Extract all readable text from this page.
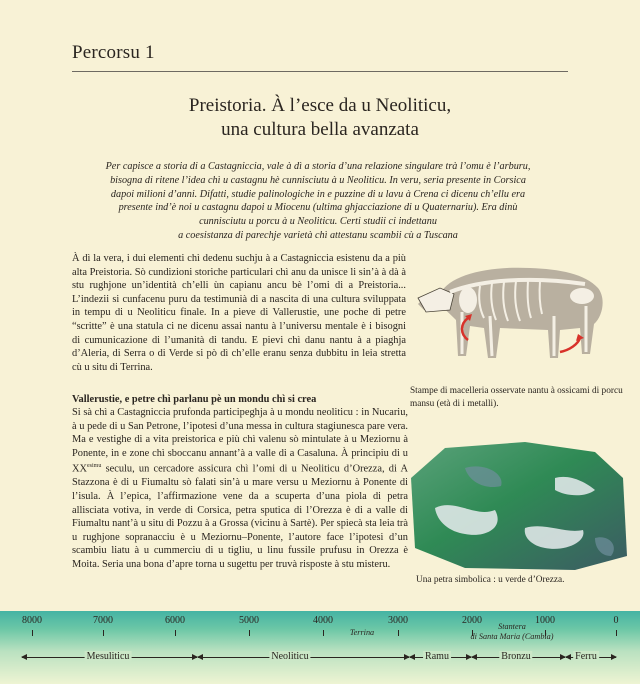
Percorsu 1
Preistoria. À l’esce da u Neoliticu,
una cultura bella avanzata
Per capisce a storia di a Castagniccia, vale à dì a storia d’una relazione singulare trà l’omu è l’arburu,
bisogna di ritene l’idea chì u castagnu hè cunnisciutu à u Neoliticu. In veru, seria presente in Corsica
dapoi milioni d’anni. Difatti, studie palinologiche in e puzzine di u lavu à Crena ci dicenu ch’ellu era
presente ind’è noi u castagnu dapoi u Miocenu (ultima ghjacciazione di u Quaternariu). Era dinù
cunnisciutu u porcu à u Neoliticu. Certi studii ci indettanu
a coesistanza di parechje varietà chì attestanu scambii cù a Tuscana

À dì la vera, i dui elementi chì dedenu suchju à a Castagniccia esistenu da a più alta Preistoria. Sò cundizioni storiche particulari chì anu da unisce li sin’à à dà à stu rughjone un’identità ch’elli ùn capianu ancu bè l’omi di a Preistoria... L’indezii si cunfacenu puru da testimunià di a nascita di una cultura sviluppata in tempu di u Neoliticu finale. In a pieve di Vallerustie, une poche di petre “scritte” è una statula ci ne dicenu assai nantu à l’universu mentale è i bisogni di cumunicazione di l’umanità di tandu. E pievi chì danu nantu à a piaghja d’Aleria, di Serra o di Verde si pò dì ch’elle eranu senza dubbitu in leia stretta cù u situ di Terrina.

Vallerustie, e petre chì parlanu pè un mondu chì si crea

Si sà chì a Castagniccia prufonda participeghja à u mondu neoliticu : in Nucariu, à u pede di u San Petrone, l’ipotesi d’una messa in cultura stagiunesca pare vera. Ma e vestighe di a vita preistorica e più chì valenu sò mintulate à u Meziornu à Ponente, in e zone chì sboccanu annant’à a valle di a Casaluna. À principiu di u $XX^{esimu}$ seculu, un cercadore assicura chì l’omi di u Neoliticu d’Orezza, di A Stazzona è di u Fiumaltu sò falati sin’à u mare versu u Meziornu à Ponente di l’isula. À l’epica, l’affirmazione vene da a scuperta d’una piola di petra allisciata votiva, in verde di Corsica, petra sputica di l’Orezza è di a valle di Fiumaltu nant’à u situ di Pozzu à a Grossa (vicinu à Sartè). Per spiecà sta leia trà u rughjone sopranacciu è u Meziornu–Ponente, l’autore face l’ipotesi d’un scambiu liatu à u cummerciu di u tigliu, u linu fussile prufusu in Orezza è Moita. Seria una bona d’apre torna u sugettu per truvà risposte à stu misteru.

Stampe di macelleria osservate nantu à ossicami di porcu mansu (età di i metalli).
Una petra simbolica : u verde d’Orezza.
8000	7000	6000	5000	4000	3000	2000	1000	0
Terrina
Stantera
di Santa Maria (Cambia)
Mesuliticu	Neoliticu	Ramu	Bronzu	Ferru
